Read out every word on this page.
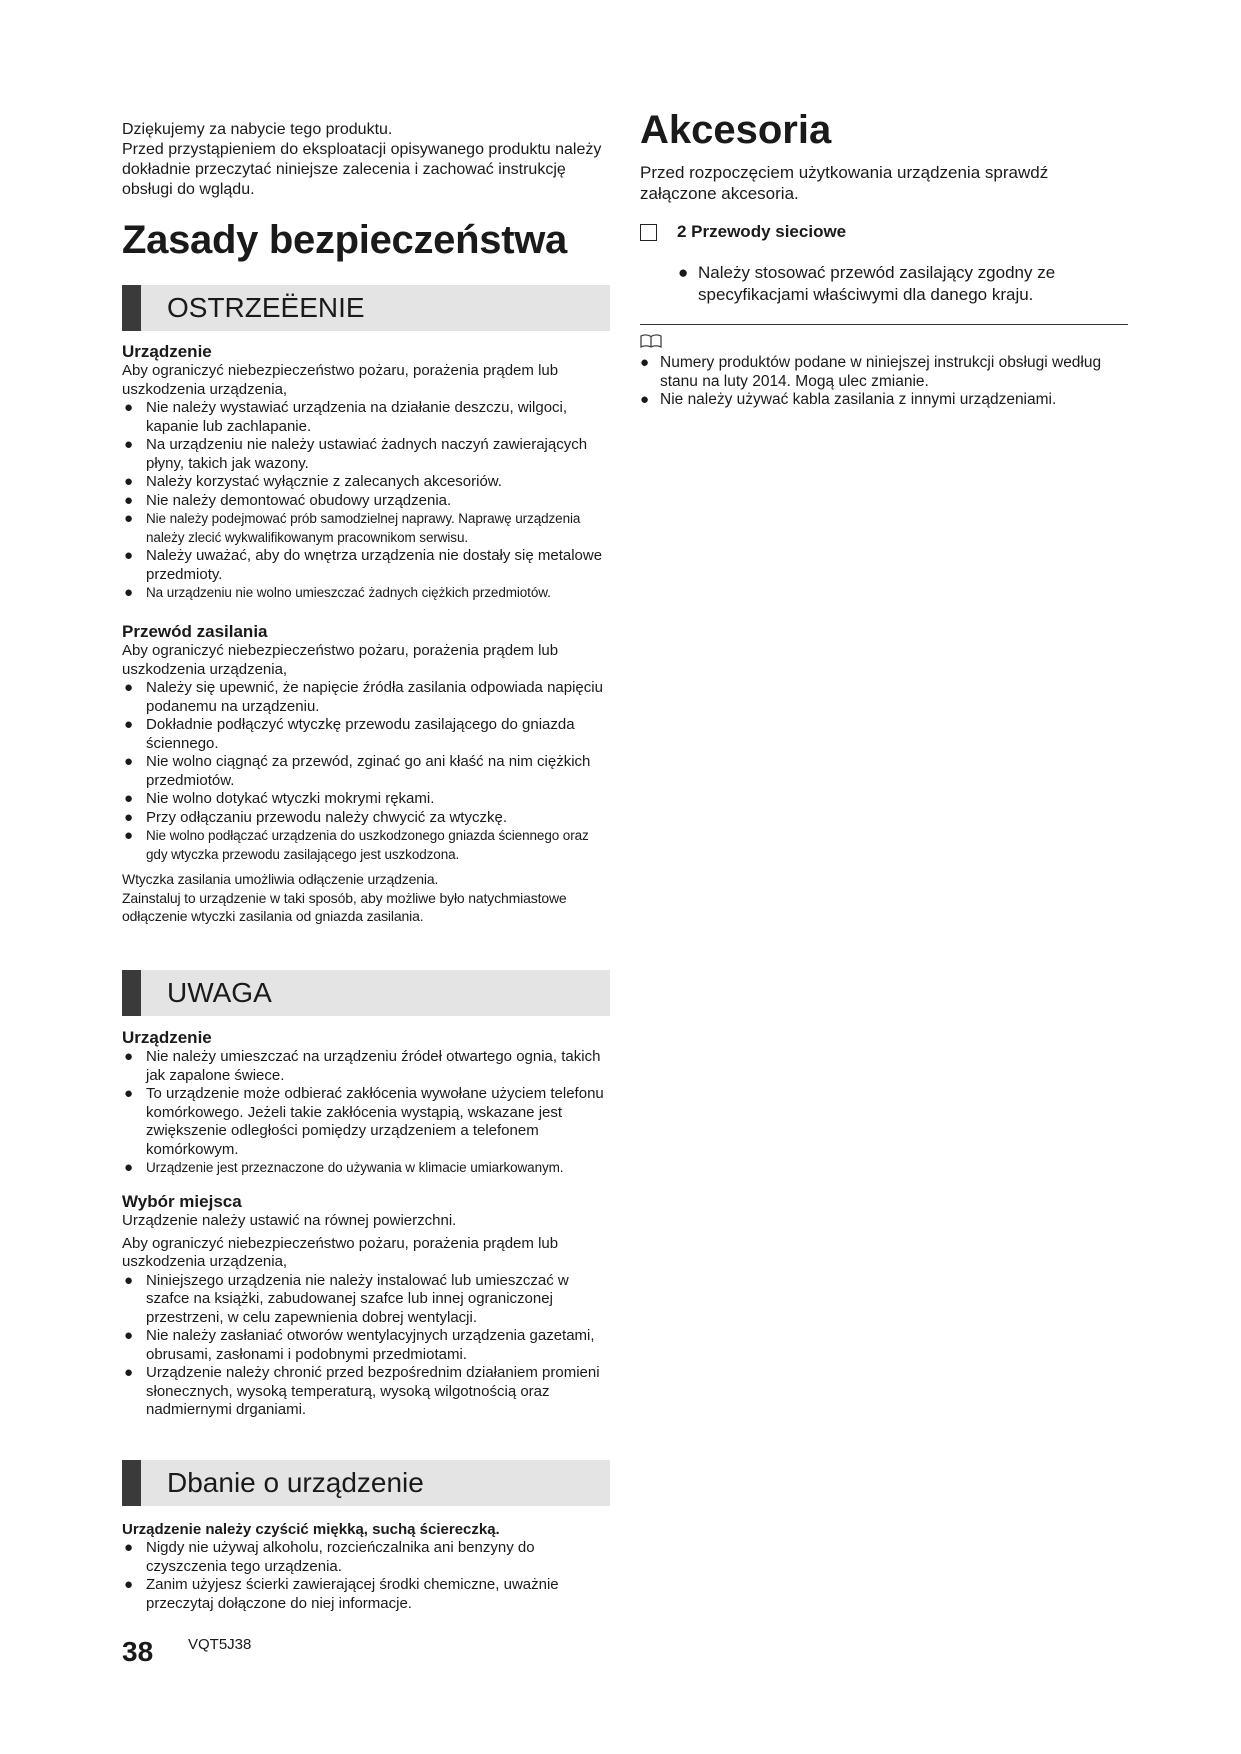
Dziękujemy za nabycie tego produktu.

Przed przystąpieniem do eksploatacji opisywanego produktu należy dokładnie przeczytać niniejsze zalecenia i zachować instrukcję obsługi do wglądu.

Zasady bezpieczeństwa
OSTRZEËENIE

Urządzenie

Aby ograniczyć niebezpieczeństwo pożaru, porażenia prądem lub uszkodzenia urządzenia,

● Nie należy wystawiać urządzenia na działanie deszczu, wilgoci, kapanie lub zachlapanie.
● Na urządzeniu nie należy ustawiać żadnych naczyń zawierających płyny, takich jak wazony.
● Należy korzystać wyłącznie z zalecanych akcesoriów.
● Nie należy demontować obudowy urządzenia.
● Nie należy podejmować prób samodzielnej naprawy. Naprawę urządzenia należy zlecić wykwalifikowanym pracownikom serwisu.
● Należy uważać, aby do wnętrza urządzenia nie dostały się metalowe przedmioty.
● Na urządzeniu nie wolno umieszczać żadnych ciężkich przedmiotów.

Przewód zasilania

Aby ograniczyć niebezpieczeństwo pożaru, porażenia prądem lub uszkodzenia urządzenia,

● Należy się upewnić, że napięcie źródła zasilania odpowiada napięciu podanemu na urządzeniu.
● Dokładnie podłączyć wtyczkę przewodu zasilającego do gniazda ściennego.
● Nie wolno ciągnąć za przewód, zginać go ani kłaść na nim ciężkich przedmiotów.
● Nie wolno dotykać wtyczki mokrymi rękami.
● Przy odłączaniu przewodu należy chwycić za wtyczkę.
● Nie wolno podłączać urządzenia do uszkodzonego gniazda ściennego oraz gdy wtyczka przewodu zasilającego jest uszkodzona.

Wtyczka zasilania umożliwia odłączenie urządzenia.

Zainstaluj to urządzenie w taki sposób, aby możliwe było natychmiastowe odłączenie wtyczki zasilania od gniazda zasilania.

UWAGA

Urządzenie

● Nie należy umieszczać na urządzeniu źródeł otwartego ognia, takich jak zapalone świece.
● To urządzenie może odbierać zakłócenia wywołane użyciem telefonu komórkowego. Jeżeli takie zakłócenia wystąpią, wskazane jest zwiększenie odległości pomiędzy urządzeniem a telefonem komórkowym.
● Urządzenie jest przeznaczone do używania w klimacie umiarkowanym.

Wybór miejsca

Urządzenie należy ustawić na równej powierzchni.

Aby ograniczyć niebezpieczeństwo pożaru, porażenia prądem lub uszkodzenia urządzenia,

● Niniejszego urządzenia nie należy instalować lub umieszczać w szafce na książki, zabudowanej szafce lub innej ograniczonej przestrzeni, w celu zapewnienia dobrej wentylacji.
● Nie należy zasłaniać otworów wentylacyjnych urządzenia gazetami, obrusami, zasłonami i podobnymi przedmiotami.
● Urządzenie należy chronić przed bezpośrednim działaniem promieni słonecznych, wysoką temperaturą, wysoką wilgotnością oraz nadmiernymi drganiami.
Dbanie o urządzenie

Urządzenie należy czyścić miękką, suchą ściereczką.

● Nigdy nie używaj alkoholu, rozcieńczalnika ani benzyny do czyszczenia tego urządzenia.
● Zanim użyjesz ścierki zawierającej środki chemiczne, uważnie przeczytaj dołączone do niej informacje.
Akcesoria

Przed rozpoczęciem użytkowania urządzenia sprawdź załączone akcesoria.

2 Przewody sieciowe
● Należy stosować przewód zasilający zgodny ze specyfikacjami właściwymi dla danego kraju.
● Numery produktów podane w niniejszej instrukcji obsługi według stanu na luty 2014. Mogą ulec zmianie.
● Nie należy używać kabla zasilania z innymi urządzeniami.
38 VQT5J38
